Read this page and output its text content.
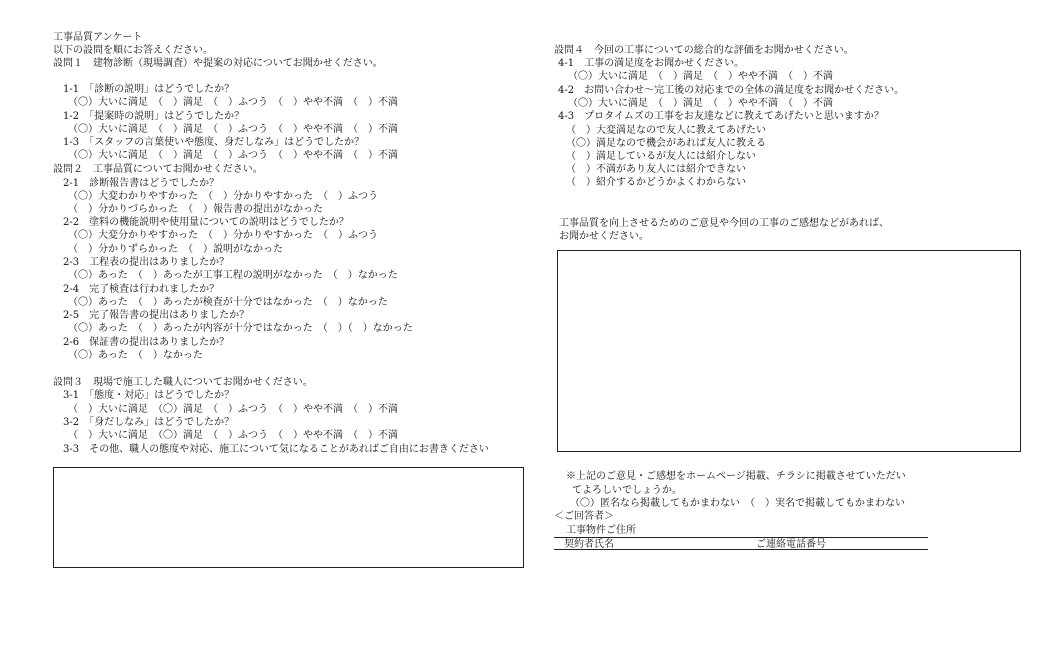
工事品質アンケート
以下の設問を順にお答えください。
設問１　建物診断（現場調査）や提案の対応についてお聞かせください。
1-1　「診断の説明」はどうでしたか？
（〇）大いに満足　（　）満足　（　）ふつう　（　）やや不満　（　）不満
1-2　「提案時の説明」はどうでしたか？
（〇）大いに満足　（　）満足　（　）ふつう　（　）やや不満　（　）不満
1-3　「スタッフの言葉使いや態度、身だしなみ」はどうでしたか？
（〇）大いに満足　（　）満足　（　）ふつう　（　）やや不満　（　）不満
設問２　工事品質についてお聞かせください。
2-1　診断報告書はどうでしたか？
（〇）大変わかりやすかった　（　）分かりやすかった　（　）ふつう
（　）分かりづらかった　（　）報告書の提出がなかった
2-2　塗料の機能説明や使用量についての説明はどうでしたか？
（〇）大変分かりやすかった　（　）分かりやすかった　（　）ふつう
（　）分かりずらかった　（　）説明がなかった
2-3　工程表の提出はありましたか？
（〇）あった　（　）あったが工事工程の説明がなかった　（　）なかった
2-4　完了検査は行われましたか？
（〇）あった　（　）あったが検査が十分ではなかった　（　）なかった
2-5　完了報告書の提出はありましたか？
（〇）あった　（　）あったが内容が十分ではなかった　（　）（　）なかった
2-6　保証書の提出はありましたか？
（〇）あった　（　）なかった
設問３　現場で施工した職人についてお聞かせください。
3-1　「態度・対応」はどうでしたか？
（　）大いに満足　（〇）満足　（　）ふつう　（　）やや不満　（　）不満
3-2　「身だしなみ」はどうでしたか？
（　）大いに満足　（〇）満足　（　）ふつう　（　）やや不満　（　）不満
3-3　その他、職人の態度や対応、施工について気になることがあればご自由にお書きください
設問４　今回の工事についての総合的な評価をお聞かせください。
4-1　工事の満足度をお聞かせください。
（〇）大いに満足　（　）満足　（　）やや不満　（　）不満
4-2　お問い合わせ～完工後の対応までの全体の満足度をお聞かせください。
（〇）大いに満足　（　）満足　（　）やや不満　（　）不満
4-3　プロタイムズの工事をお友達などに教えてあげたいと思いますか？
（　）大変満足なので友人に教えてあげたい
（〇）満足なので機会があれば友人に教える
（　）満足しているが友人には紹介しない
（　）不満があり友人には紹介できない
（　）紹介するかどうかよくわからない
工事品質を向上させるためのご意見や今回の工事のご感想などがあれば、
お聞かせください。
※上記のご意見・ご感想をホームページ掲載、チラシに掲載させていただい
てよろしいでしょうか。
（〇）匿名なら掲載してもかまわない　（　）実名で掲載してもかまわない
＜ご回答者＞
工事物件ご住所
契約者氏名	ご連絡電話番号
